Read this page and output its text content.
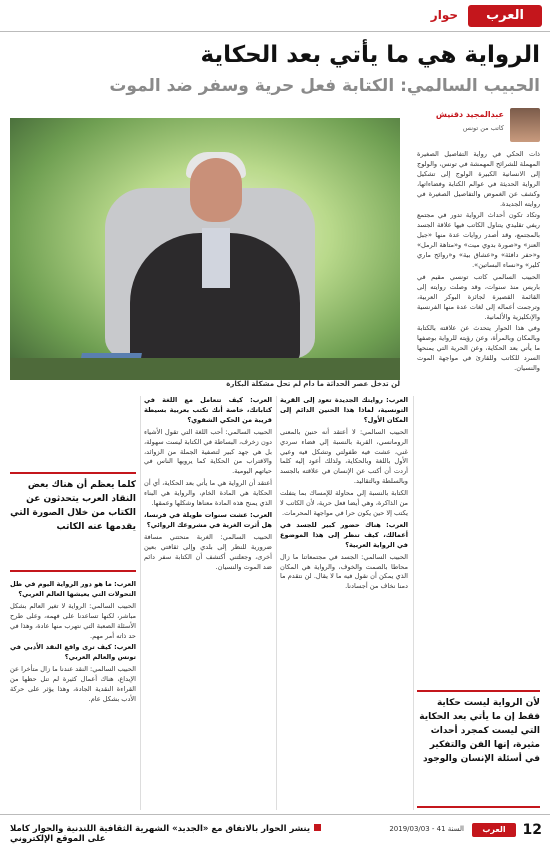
العرب
حوار
الرواية هي ما يأتي بعد الحكاية
الحبيب السالمي: الكتابة فعل حرية وسفر ضد الموت
عبدالمجيد دقنيش
كاتب من تونس
لن تدخل عصر الحداثة ما دام لم تحل مشكلة البكارة

ذات الحكي في رواية التفاصيل الصغيرة المهملة للشرائح المهمشة في تونس، والولوج إلى الانسانية الكبيرة الولوج إلى تشكيل الرواية الحديثة في عوالم الكتابة وفضاءاتها، وكشف عن الغموض والتفاصيل الصغيرة في روايته الجديدة.

وتكاد تكون أحداث الرواية تدور في مجتمع ريفي تقليدي يتناول الكاتب فيها علاقة الجسد بالمجتمع، وقد أصدر روايات عدة منها «جبل العنز» و«صورة بدوي ميت» و«متاهة الرمل» و«حفر دافئة» و«عشاق بية» و«روائح ماري كلير» و«نساء البساتين».

الحبيب السالمي كاتب تونسي مقيم في باريس منذ سنوات، وقد وصلت روايته إلى القائمة القصيرة لجائزة البوكر العربية، وترجمت أعماله إلى لغات عدة منها الفرنسية والإنكليزية والألمانية.

وفي هذا الحوار يتحدث عن علاقته بالكتابة وبالمكان وبالمرأة، وعن رؤيته للرواية بوصفها ما يأتي بعد الحكاية، وعن الحرية التي يمنحها السرد للكاتب وللقارئ في مواجهة الموت والنسيان.

العرب: روايتك الجديدة تعود إلى القرية التونسية، لماذا هذا الحنين الدائم إلى المكان الأول؟

الحبيب السالمي: لا أعتقد أنه حنين بالمعنى الرومانسي، القرية بالنسبة إلي فضاء سردي غني، عشت فيه طفولتي وتشكل فيه وعيي الأول باللغة وبالحكاية، ولذلك أعود إليه كلما أردت أن أكتب عن الإنسان في علاقته بالجسد وبالسلطة وبالتقاليد.

الكتابة بالنسبة إلي محاولة للإمساك بما يتفلت من الذاكرة، وهي أيضا فعل حرية، لأن الكاتب لا يكتب إلا حين يكون حرا في مواجهة المحرمات.

العرب: هناك حضور كبير للجسد في أعمالك، كيف تنظر إلى هذا الموضوع في الرواية العربية؟

الحبيب السالمي: الجسد في مجتمعاتنا ما زال محاطا بالصمت والخوف، والرواية هي المكان الذي يمكن أن نقول فيه ما لا يقال. لن نتقدم ما دمنا نخاف من أجسادنا.

العرب: كيف تتعامل مع اللغة في كتاباتك، خاصة أنك تكتب بعربية بسيطة قريبة من الحكي الشفوي؟

الحبيب السالمي: أحب اللغة التي تقول الأشياء دون زخرف، البساطة في الكتابة ليست سهولة، بل هي جهد كبير لتصفية الجملة من الزوائد، والاقتراب من الحكاية كما يرويها الناس في حياتهم اليومية.

أعتقد أن الرواية هي ما يأتي بعد الحكاية، أي أن الحكاية هي المادة الخام، والرواية هي البناء الذي يمنح هذه المادة معناها وشكلها وعمقها.

العرب: عشت سنوات طويلة في فرنسا، هل أثرت الغربة في مشروعك الروائي؟

الحبيب السالمي: الغربة منحتني مسافة ضرورية للنظر إلى بلدي وإلى ثقافتي بعين أخرى، وجعلتني أكتشف أن الكتابة سفر دائم ضد الموت والنسيان.

العرب: ما هو دور الرواية اليوم في ظل التحولات التي يعيشها العالم العربي؟

الحبيب السالمي: الرواية لا تغير العالم بشكل مباشر، لكنها تساعدنا على فهمه، وعلى طرح الأسئلة الصعبة التي نتهرب منها عادة، وهذا في حد ذاته أمر مهم.

العرب: كيف ترى واقع النقد الأدبي في تونس والعالم العربي؟

الحبيب السالمي: النقد عندنا ما زال متأخرا عن الإبداع، هناك أعمال كثيرة لم تنل حظها من القراءة النقدية الجادة، وهذا يؤثر على حركة الأدب بشكل عام.

كلما يعظم أن هناك بعض النقاد العرب يتحدثون عن الكتاب من خلال الصورة التي يقدمها عنه الكاتب
لأن الرواية ليست حكاية فقط إن ما يأتي بعد الحكاية التي ليست كمجرد أحداث مثيرة، إنها الفن والتفكير في أسئلة الإنسان والوجود
12
العرب
2019/03/03 - السنة 41
ينشر الحوار بالاتفاق مع «الجديد» الشهرية الثقافية اللندنية والحوار كاملا على الموقع الإلكتروني
